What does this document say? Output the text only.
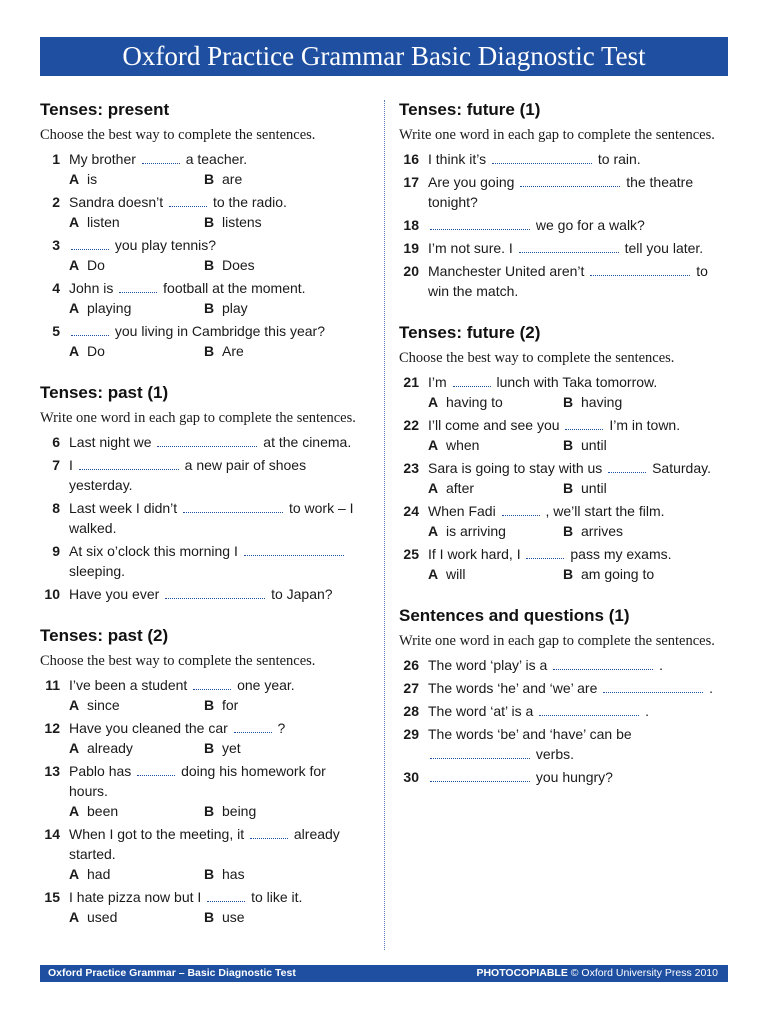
Oxford Practice Grammar Basic Diagnostic Test
Tenses: present
Choose the best way to complete the sentences.
1 My brother	a teacher.
A is	B are
2 Sandra doesn’t	to the radio.
A listen	B listens
3	you play tennis?
A Do	B Does
4 John is	football at the moment.
A playing	B play
5	you living in Cambridge this year?
A Do	B Are
Tenses: past (1)
Write one word in each gap to complete the sentences.
6 Last night we	at the cinema.
7 I	a new pair of shoes yesterday.
8 Last week I didn’t	to work – I walked.
9 At six o’clock this morning I  sleeping.
10 Have you ever	to Japan?
Tenses: past (2)
Choose the best way to complete the sentences.
11 I’ve been a student	one year.
A since	B for
12 Have you cleaned the car	?
A already	B yet
13 Pablo has	doing his homework for hours.
A been	B being
14 When I got to the meeting, it	already started.
A had	B has
15 I hate pizza now but I	to like it.
A used	B use
Tenses: future (1)
Write one word in each gap to complete the sentences.
16 I think it’s	to rain.
17 Are you going	the theatre tonight?
18	we go for a walk?
19 I’m not sure. I	tell you later.
20 Manchester United aren’t	to win the match.
Tenses: future (2)
Choose the best way to complete the sentences.
21 I’m	lunch with Taka tomorrow.
A having to	B having
22 I’ll come and see you	I’m in town.
A when	B until
23 Sara is going to stay with us	Saturday.
A after	B until
24 When Fadi	, we’ll start the film.
A is arriving	B arrives
25 If I work hard, I	pass my exams.
A will	B am going to
Sentences and questions (1)
Write one word in each gap to complete the sentences.
26 The word ‘play’ is a	.
27 The words ‘he’ and ‘we’ are	.
28 The word ‘at’ is a	.
29 The words ‘be’ and ‘have’ can be  verbs.
30	you hungry?
Oxford Practice Grammar – Basic Diagnostic Test	PHOTOCOPIABLE © Oxford University Press 2010
